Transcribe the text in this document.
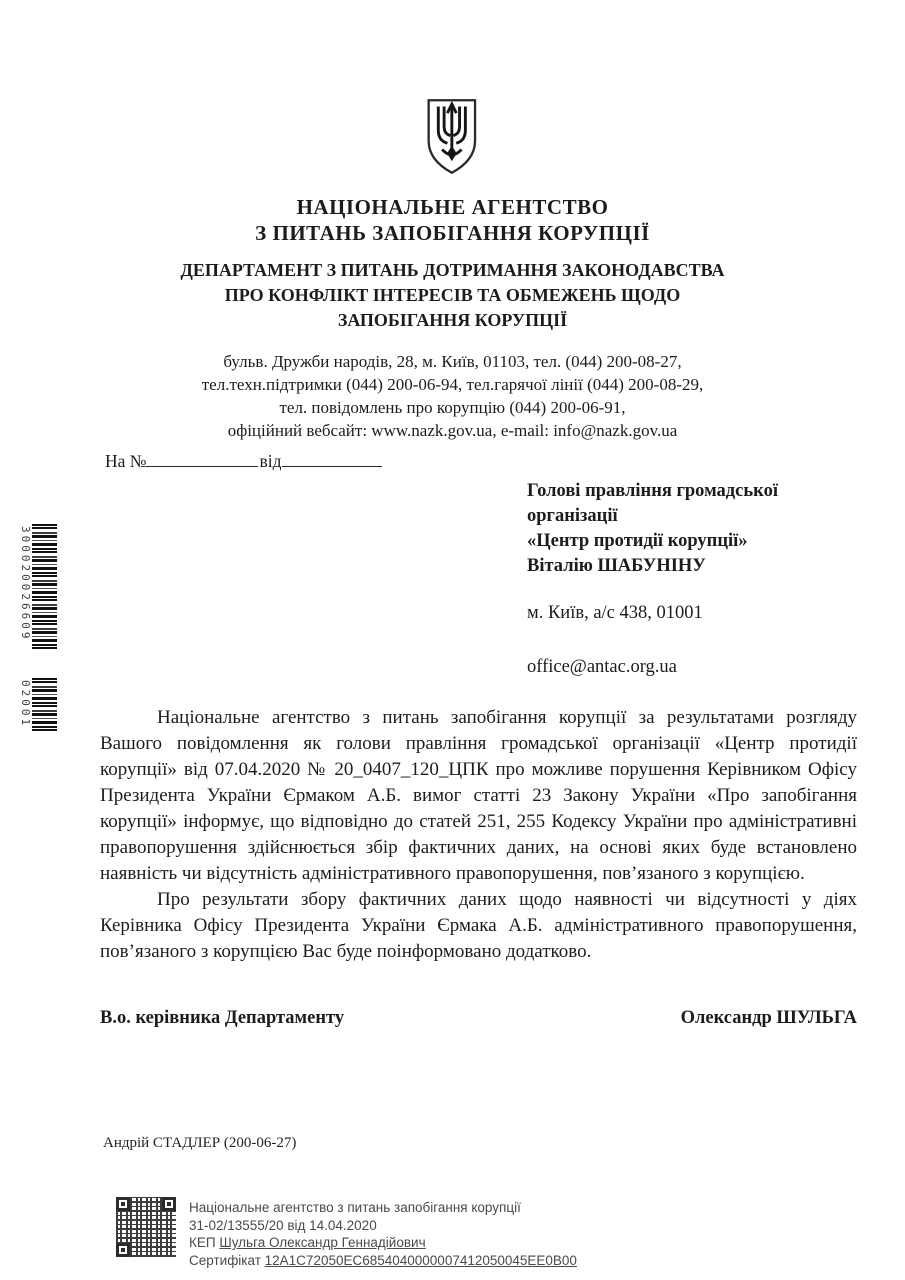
300020026609
02001
НАЦІОНАЛЬНЕ АГЕНТСТВО
З ПИТАНЬ ЗАПОБІГАННЯ КОРУПЦІЇ
ДЕПАРТАМЕНТ З ПИТАНЬ ДОТРИМАННЯ ЗАКОНОДАВСТВА
ПРО КОНФЛІКТ ІНТЕРЕСІВ ТА ОБМЕЖЕНЬ ЩОДО
ЗАПОБІГАННЯ КОРУПЦІЇ
бульв. Дружби народів, 28, м. Київ, 01103, тел. (044) 200-08-27,
тел.техн.підтримки (044) 200-06-94, тел.гарячої лінії (044) 200-08-29,
тел. повідомлень про корупцію (044) 200-06-91,
офіційний вебсайт: www.nazk.gov.ua, e-mail: info@nazk.gov.ua
На №	від
Голові правління громадської
організації
«Центр протидії корупції»
Віталію ШАБУНІНУ
м. Київ, а/с 438, 01001
office@antac.org.ua

Національне агентство з питань запобігання корупції за результатами розгляду Вашого повідомлення як голови правління громадської організації «Центр протидії корупції» від 07.04.2020 № 20_0407_120_ЦПК про можливе порушення Керівником Офісу Президента України Єрмаком А.Б. вимог статті 23 Закону України «Про запобігання корупції» інформує, що відповідно до статей 251, 255 Кодексу України про адміністративні правопорушення здійснюється збір фактичних даних, на основі яких буде встановлено наявність чи відсутність адміністративного правопорушення, пов’язаного з корупцією.

Про результати збору фактичних даних щодо наявності чи відсутності у діях Керівника Офісу Президента України Єрмака А.Б. адміністративного правопорушення, пов’язаного з корупцією Вас буде поінформовано додатково.

В.о. керівника Департаменту	Олександр ШУЛЬГА
Андрій СТАДЛЕР (200-06-27)
Національне агентство з питань запобігання корупції
31-02/13555/20 від 14.04.2020
КЕП Шульга Олександр Геннадійович
Сертифікат 12A1C72050EC6854040000007412050045EE0B00
